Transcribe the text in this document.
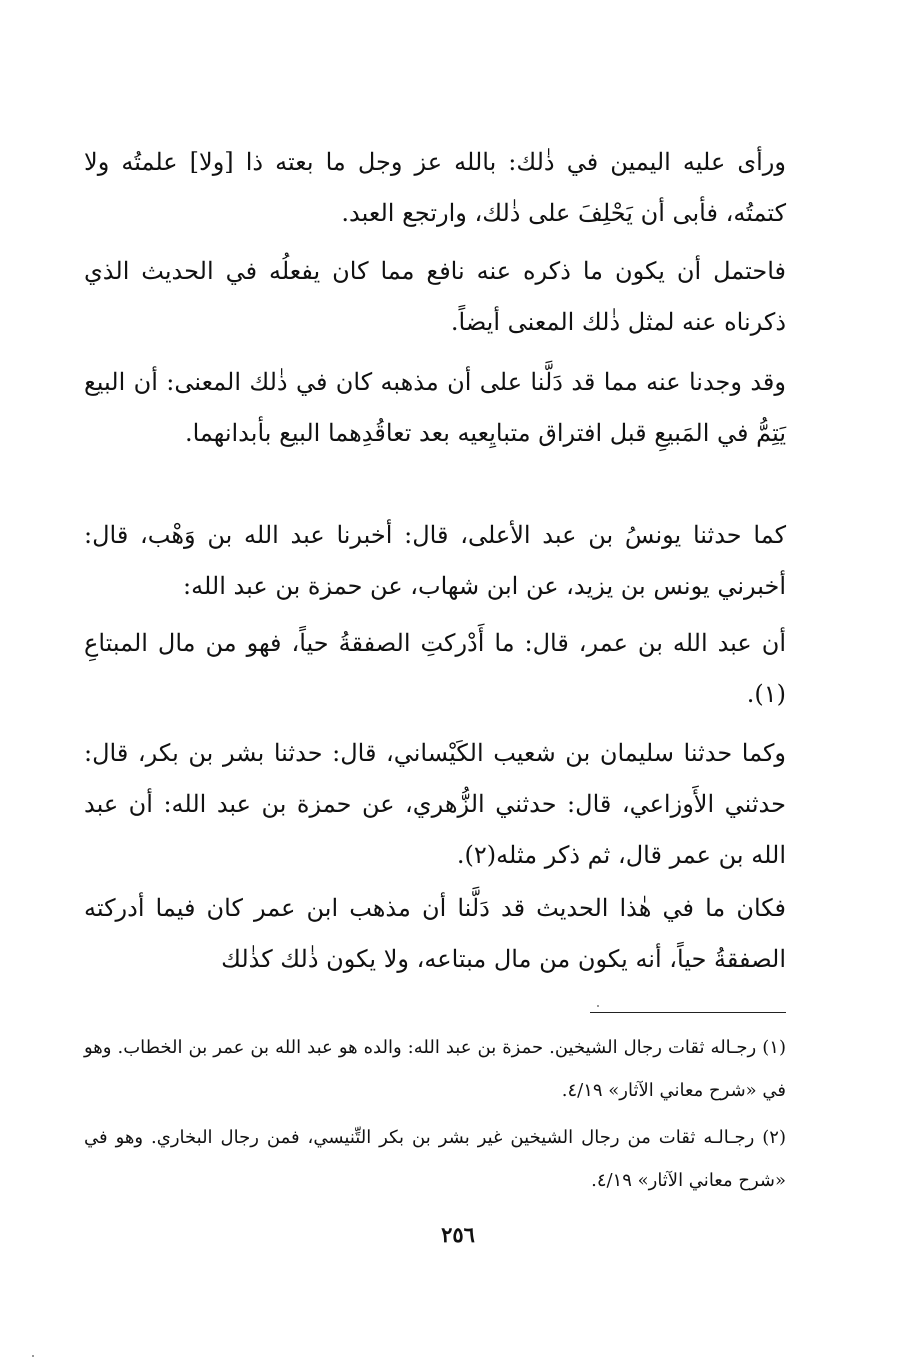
ورأى عليه اليمين في ذٰلك: بالله عز وجل ما بعته ذا [ولا] علمتُه ولا كتمتُه، فأبى أن يَحْلِفَ على ذٰلك، وارتجع العبد.

فاحتمل أن يكون ما ذكره عنه نافع مما كان يفعلُه في الحديث الذي ذكرناه عنه لمثل ذٰلك المعنى أيضاً.

وقد وجدنا عنه مما قد دَلَّنا على أن مذهبه كان في ذٰلك المعنى: أن البيع يَتِمُّ في المَبيعِ قبل افتراق متبايِعيه بعد تعاقُدِهما البيع بأبدانهما.

كما حدثنا يونسُ بن عبد الأعلى، قال: أخبرنا عبد الله بن وَهْب، قال: أخبرني يونس بن يزيد، عن ابن شهاب، عن حمزة بن عبد الله:

أن عبد الله بن عمر، قال: ما أَدْركتِ الصفقةُ حياً، فهو من مال المبتاعِ (١).

وكما حدثنا سليمان بن شعيب الكَيْساني، قال: حدثنا بشر بن بكر، قال: حدثني الأَوزاعي، قال: حدثني الزُّهري، عن حمزة بن عبد الله: أن عبد الله بن عمر قال، ثم ذكر مثله(٢).

فكان ما في هٰذا الحديث قد دَلَّنا أن مذهب ابن عمر كان فيما أدركته الصفقةُ حياً، أنه يكون من مال مبتاعه، ولا يكون ذٰلك كذٰلك

(١) رجـاله ثقات رجال الشيخين. حمزة بن عبد الله: والده هو عبد الله بن عمر بن الخطاب. وهو في «شرح معاني الآثار» ٤/١٩.

(٢) رجـالـه ثقات من رجال الشيخين غير بشر بن بكر التِّنيسي، فمن رجال البخاري. وهو في «شرح معاني الآثار» ٤/١٩.

٢٥٦
